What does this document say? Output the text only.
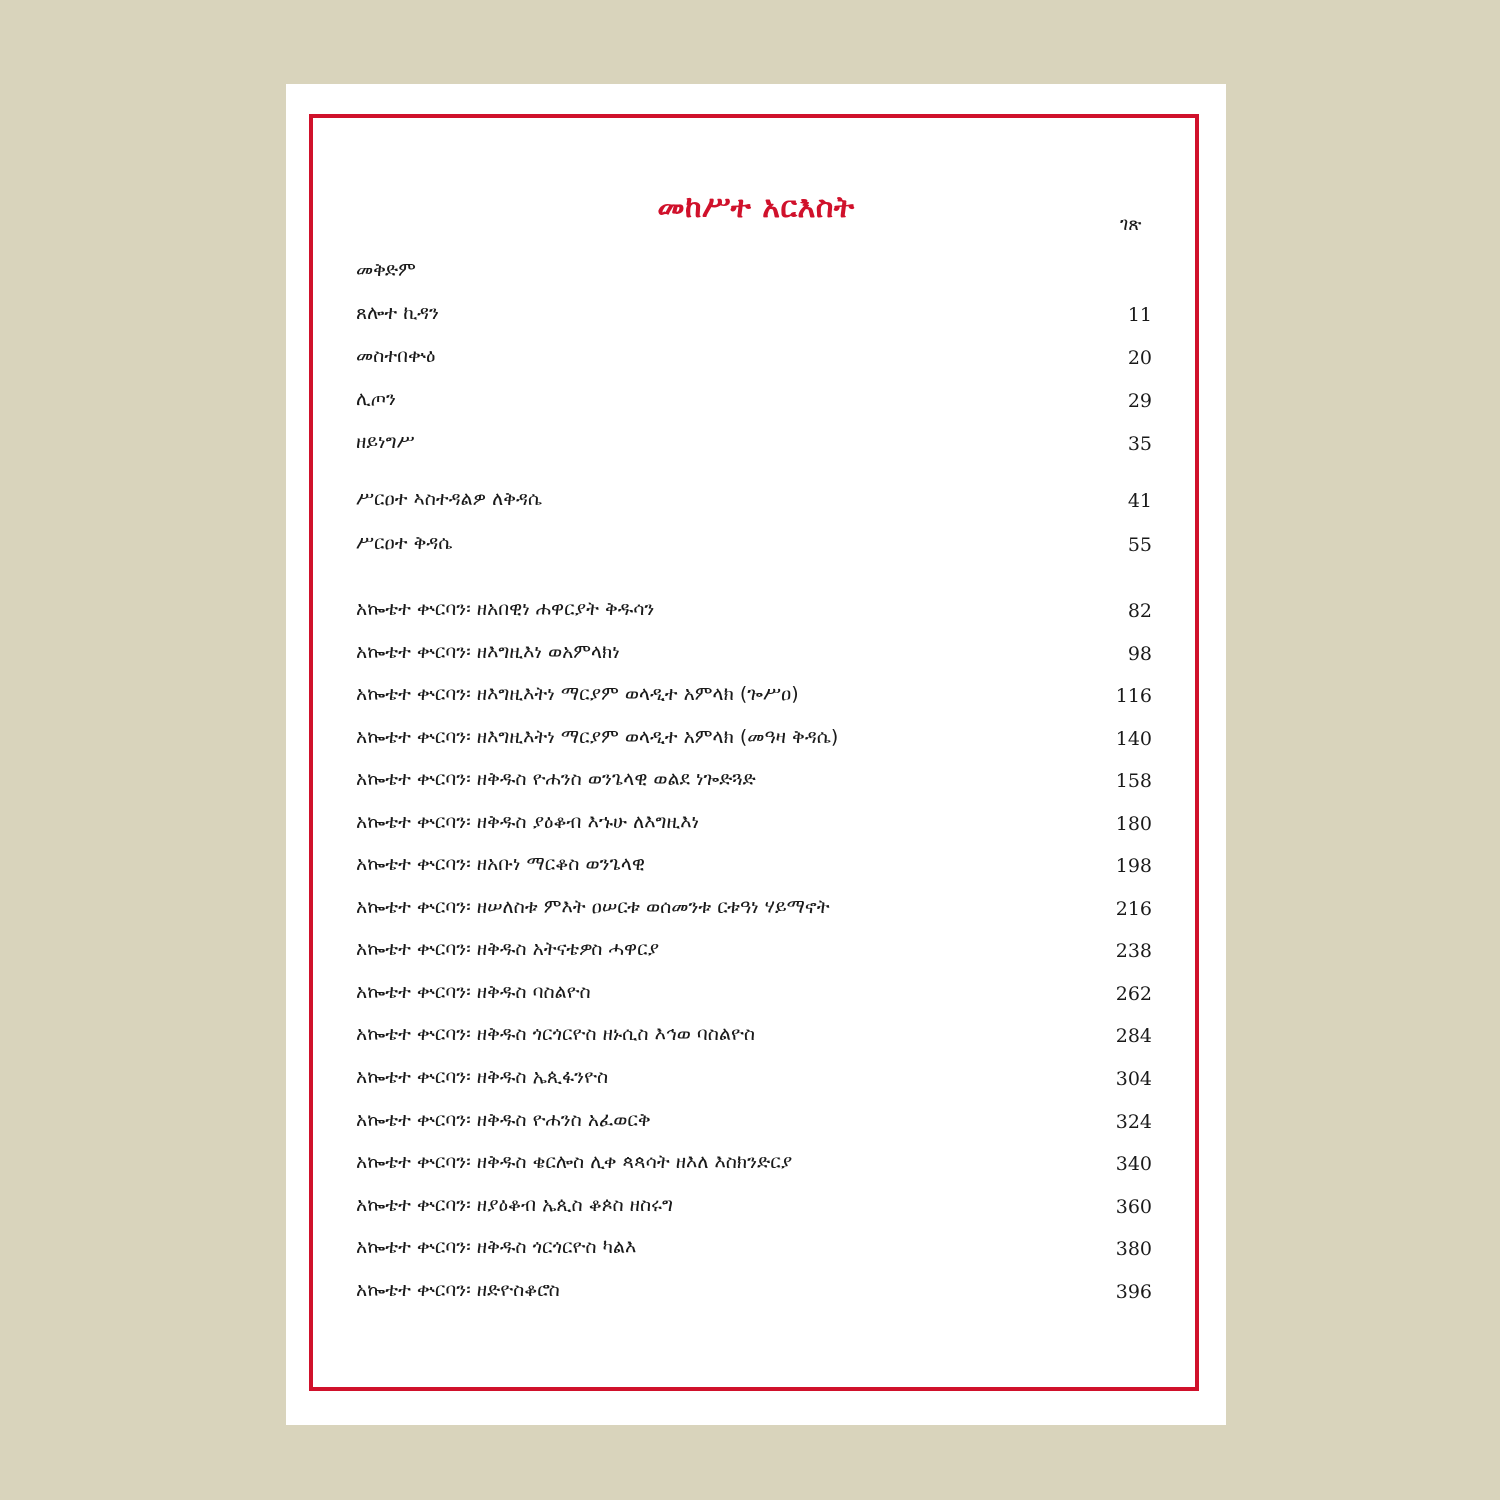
መከሥተ አርእስት	ገጽ
መቅድም
ጸሎተ ኪዳን	11
መስተበቍዕ	20
ሊጦን	29
ዘይነግሥ	35
ሥርዐተ ኣስተዳልዎ ለቅዳሴ	41
ሥርዐተ ቅዳሴ	55
አኰቴተ ቍርባን፡ ዘአበዊነ ሐዋርያት ቅዱሳን	82
አኰቴተ ቍርባን፡ ዘእግዚእነ ወአምላክነ	98
አኰቴተ ቍርባን፡ ዘእግዚእትነ ማርያም ወላዲተ አምላክ (ጐሥዐ)	116
አኰቴተ ቍርባን፡ ዘእግዚእትነ ማርያም ወላዲተ አምላክ (መዓዛ ቅዳሴ)	140
አኰቴተ ቍርባን፡ ዘቅዱስ ዮሐንስ ወንጌላዊ ወልደ ነጐድጓድ	158
አኰቴተ ቍርባን፡ ዘቅዱስ ያዕቆብ እኁሁ ለእግዚእነ	180
አኰቴተ ቍርባን፡ ዘአቡነ ማርቆስ ወንጌላዊ	198
አኰቴተ ቍርባን፡ ዘሠለስቱ ምእት ዐሠርቱ ወሰመንቱ ርቱዓነ ሃይማኖት	216
አኰቴተ ቍርባን፡ ዘቅዱስ አትናቴዎስ ሓዋርያ	238
አኰቴተ ቍርባን፡ ዘቅዱስ ባስልዮስ	262
አኰቴተ ቍርባን፡ ዘቅዱስ ጎርጎርዮስ ዘኑሲስ እኅወ ባስልዮስ	284
አኰቴተ ቍርባን፡ ዘቅዱስ ኤጲፋንዮስ	304
አኰቴተ ቍርባን፡ ዘቅዱስ ዮሐንስ አፈወርቅ	324
አኰቴተ ቍርባን፡ ዘቅዱስ ቄርሎስ ሊቀ ጳጳሳት ዘእለ እስክንድርያ	340
አኰቴተ ቍርባን፡ ዘያዕቆብ ኤጲስ ቆጶስ ዘስሩግ	360
አኰቴተ ቍርባን፡ ዘቅዱስ ጎርጎርዮስ ካልእ	380
አኰቴተ ቍርባን፡ ዘድዮስቆሮስ	396
